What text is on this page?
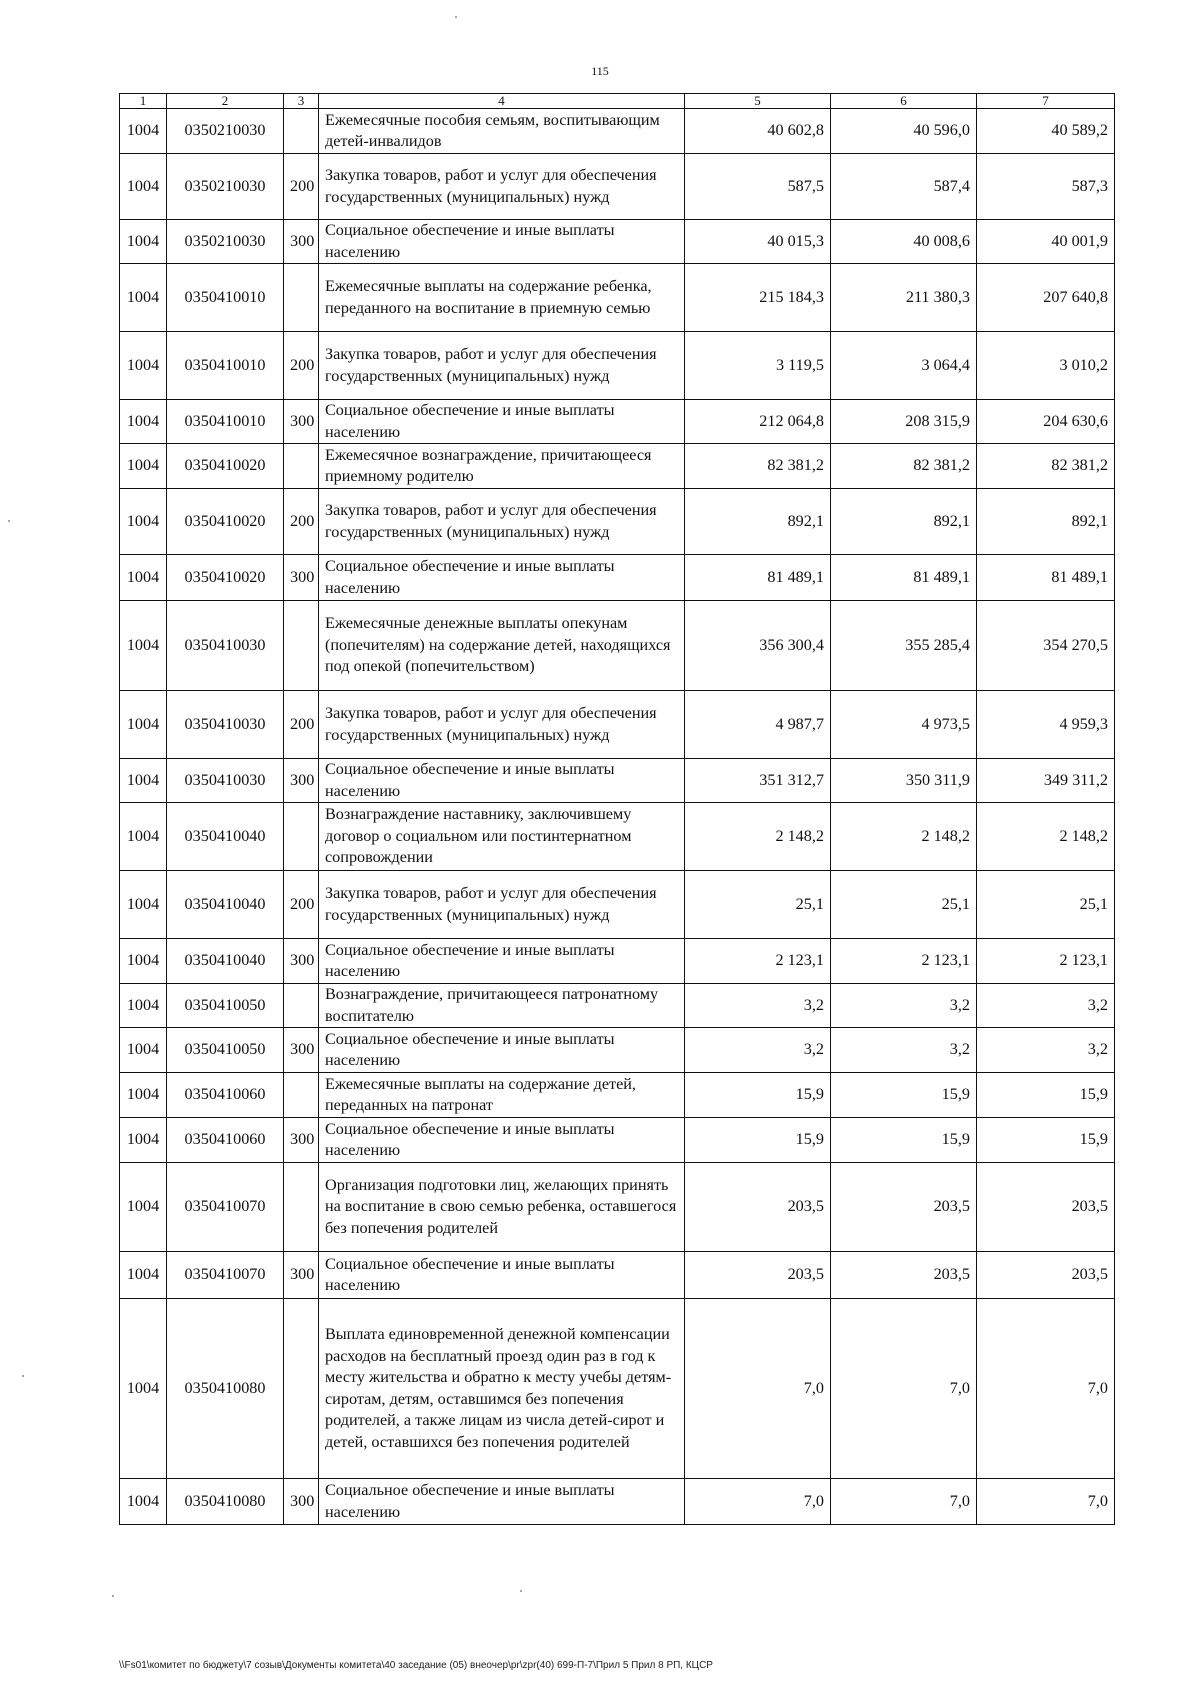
115
1	2	3	4	5	6	7
1004	0350210030		Ежемесячные пособия семьям, воспитывающим детей-инвалидов	40 602,8	40 596,0	40 589,2
1004	0350210030	200	Закупка товаров, работ и услуг для обеспечения государственных (муниципальных) нужд	587,5	587,4	587,3
1004	0350210030	300	Социальное обеспечение и иные выплаты населению	40 015,3	40 008,6	40 001,9
1004	0350410010		Ежемесячные выплаты на содержание ребенка, переданного на воспитание в приемную семью	215 184,3	211 380,3	207 640,8
1004	0350410010	200	Закупка товаров, работ и услуг для обеспечения государственных (муниципальных) нужд	3 119,5	3 064,4	3 010,2
1004	0350410010	300	Социальное обеспечение и иные выплаты населению	212 064,8	208 315,9	204 630,6
1004	0350410020		Ежемесячное вознаграждение, причитающееся приемному родителю	82 381,2	82 381,2	82 381,2
1004	0350410020	200	Закупка товаров, работ и услуг для обеспечения государственных (муниципальных) нужд	892,1	892,1	892,1
1004	0350410020	300	Социальное обеспечение и иные выплаты населению	81 489,1	81 489,1	81 489,1
1004	0350410030		Ежемесячные денежные выплаты опекунам (попечителям) на содержание детей, находящихся под опекой (попечительством)	356 300,4	355 285,4	354 270,5
1004	0350410030	200	Закупка товаров, работ и услуг для обеспечения государственных (муниципальных) нужд	4 987,7	4 973,5	4 959,3
1004	0350410030	300	Социальное обеспечение и иные выплаты населению	351 312,7	350 311,9	349 311,2
1004	0350410040		Вознаграждение наставнику, заключившему договор о социальном или постинтернатном сопровождении	2 148,2	2 148,2	2 148,2
1004	0350410040	200	Закупка товаров, работ и услуг для обеспечения государственных (муниципальных) нужд	25,1	25,1	25,1
1004	0350410040	300	Социальное обеспечение и иные выплаты населению	2 123,1	2 123,1	2 123,1
1004	0350410050		Вознаграждение, причитающееся патронатному воспитателю	3,2	3,2	3,2
1004	0350410050	300	Социальное обеспечение и иные выплаты населению	3,2	3,2	3,2
1004	0350410060		Ежемесячные выплаты на содержание детей, переданных на патронат	15,9	15,9	15,9
1004	0350410060	300	Социальное обеспечение и иные выплаты населению	15,9	15,9	15,9
1004	0350410070		Организация подготовки лиц, желающих принять на воспитание в свою семью ребенка, оставшегося без попечения родителей	203,5	203,5	203,5
1004	0350410070	300	Социальное обеспечение и иные выплаты населению	203,5	203,5	203,5
1004	0350410080		Выплата единовременной денежной компенсации расходов на бесплатный проезд один раз в год к месту жительства и обратно к месту учебы детям-сиротам, детям, оставшимся без попечения родителей, а также лицам из числа детей-сирот и детей, оставшихся без попечения родителей	7,0	7,0	7,0
1004	0350410080	300	Социальное обеспечение и иные выплаты населению	7,0	7,0	7,0
\\Fs01\комитет по бюджету\7 созыв\Документы комитета\40 заседание (05) внеочер\pr\zpr(40) 699-П-7\Прил 5 Прил 8 РП, КЦСР
